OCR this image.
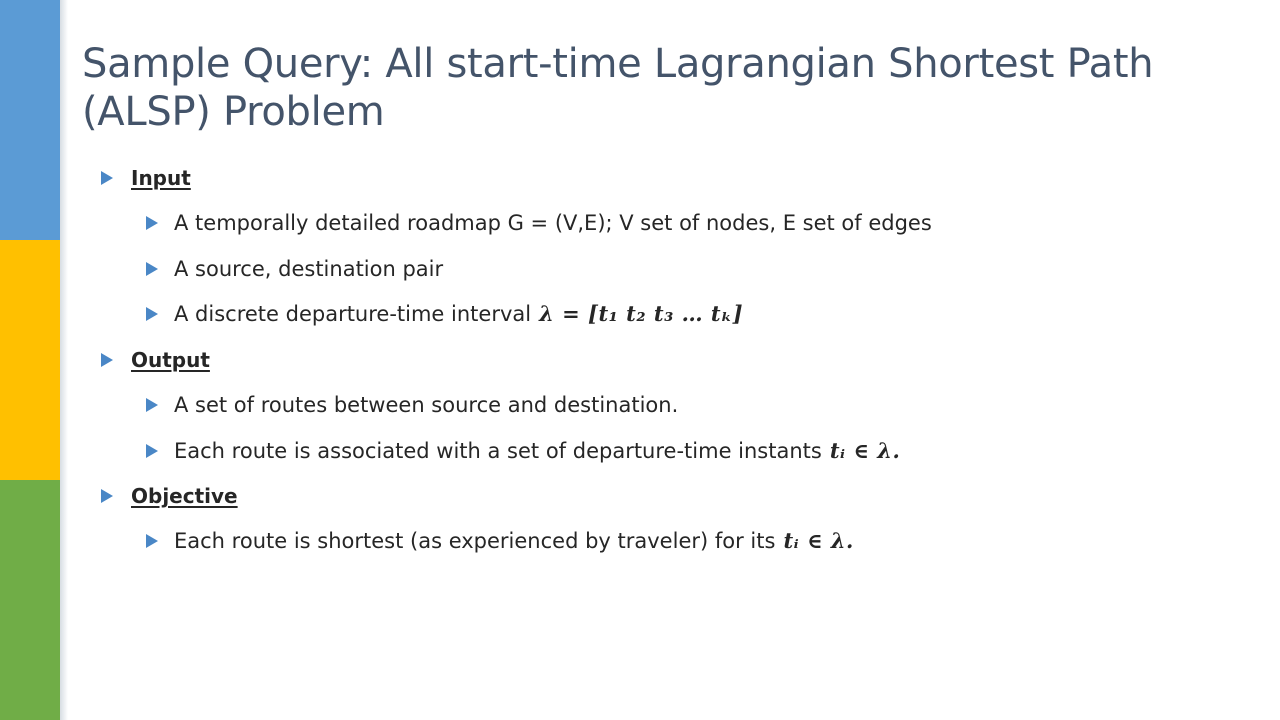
Sample Query: All start-time Lagrangian Shortest Path (ALSP) Problem
Input
A temporally detailed roadmap G = (V,E); V set of nodes, E set of edges
A source, destination pair
A discrete departure-time interval λ = [t₁ t₂ t₃ … tₖ]
Output
A set of routes between source and destination.
Each route is associated with a set of departure-time instants tᵢ ∈ λ.
Objective
Each route is shortest (as experienced by traveler) for its tᵢ ∈ λ.
